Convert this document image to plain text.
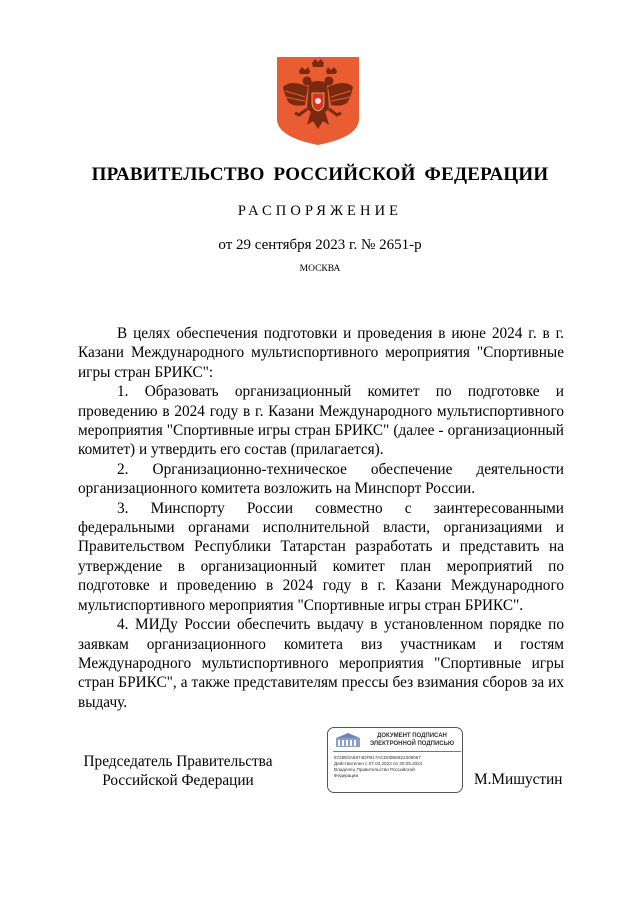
ПРАВИТЕЛЬСТВО РОССИЙСКОЙ ФЕДЕРАЦИИ
РАСПОРЯЖЕНИЕ
от 29 сентября 2023 г. № 2651-р
МОСКВА

В целях обеспечения подготовки и проведения в июне 2024 г. в г. Казани Международного мультиспортивного мероприятия "Спортивные игры стран БРИКС":

1. Образовать организационный комитет по подготовке и проведению в 2024 году в г. Казани Международного мультиспортивного мероприятия "Спортивные игры стран БРИКС" (далее - организационный комитет) и утвердить его состав (прилагается).

2. Организационно-техническое обеспечение деятельности организационного комитета возложить на Минспорт России.

3. Минспорту России совместно с заинтересованными федеральными органами исполнительной власти, организациями и Правительством Республики Татарстан разработать и представить на утверждение в организационный комитет план мероприятий по подготовке и проведению в 2024 году в г. Казани Международного мультиспортивного мероприятия "Спортивные игры стран БРИКС".

4. МИДу России обеспечить выдачу в установленном порядке по заявкам организационного комитета виз участникам и гостям Международного мультиспортивного мероприятия "Спортивные игры стран БРИКС", а также представителям прессы без взимания сборов за их выдачу.

Председатель Правительства
Российской Федерации
ДОКУМЕНТ ПОДПИСАН
ЭЛЕКТРОННОЙ ПОДПИСЬЮ
5725E0A6974DFB17ACD00B8922309057
Действителен с 07.03.2023 по 30.05.2024
Владелец Правительство Российской
Федерации	М.Мишустин
